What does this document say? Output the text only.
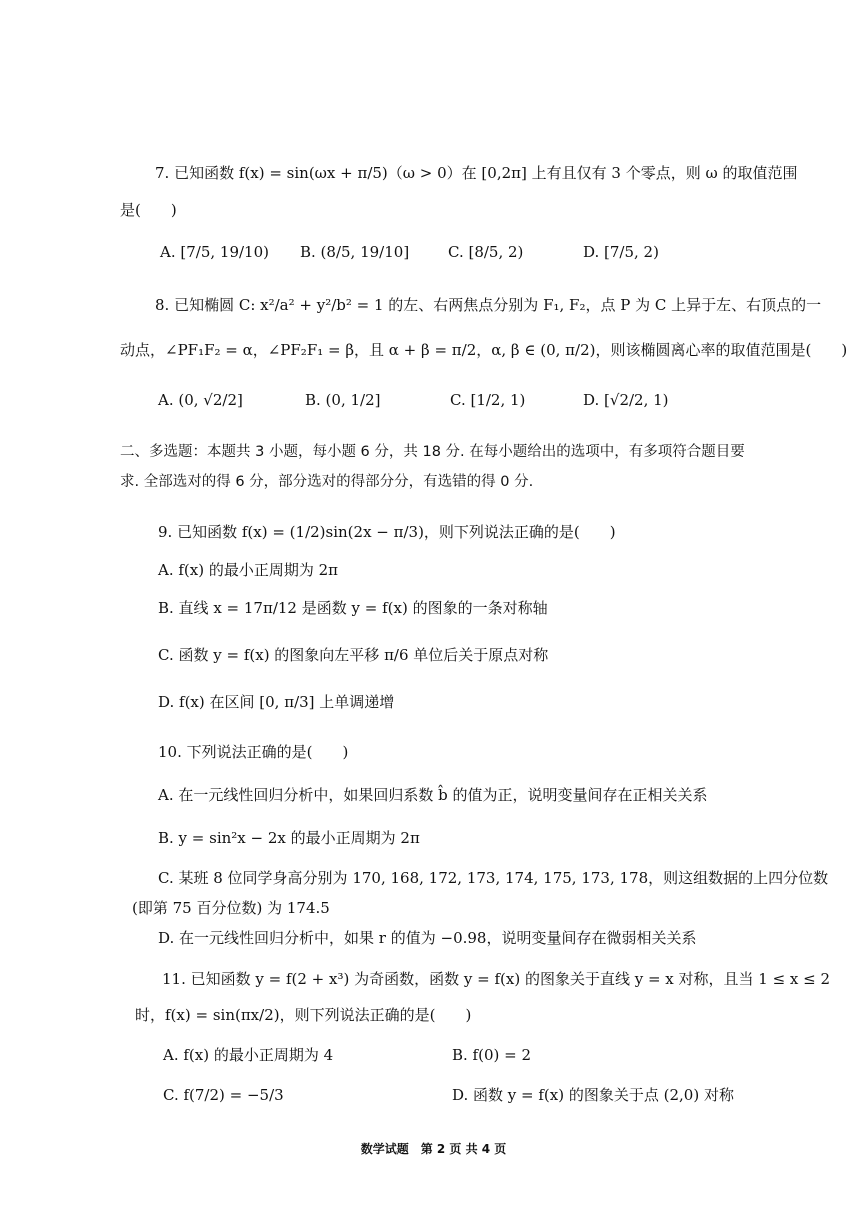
7. 已知函数 f(x) = sin(ωx + π/5)（ω > 0）在 [0,2π] 上有且仅有 3 个零点，则 ω 的取值范围
是(　　)
A. [7/5, 19/10) B. (8/5, 19/10]	C. [8/5, 2)	D. [7/5, 2)
8. 已知椭圆 C: x²/a² + y²/b² = 1 的左、右两焦点分别为 F₁, F₂，点 P 为 C 上异于左、右顶点的一
动点，∠PF₁F₂ = α，∠PF₂F₁ = β，且 α + β = π/2，α, β ∈ (0, π/2)，则该椭圆离心率的取值范围是(　　)
A. (0, √2/2]	B. (0, 1/2]	C. [1/2, 1)	D. [√2/2, 1)
二、多选题：本题共 3 小题，每小题 6 分，共 18 分. 在每小题给出的选项中，有多项符合题目要
求. 全部选对的得 6 分，部分选对的得部分分，有选错的得 0 分.
9. 已知函数 f(x) = (1/2)sin(2x − π/3)，则下列说法正确的是(　　)
A. f(x) 的最小正周期为 2π
B. 直线 x = 17π/12 是函数 y = f(x) 的图象的一条对称轴
C. 函数 y = f(x) 的图象向左平移 π/6 单位后关于原点对称
D. f(x) 在区间 [0, π/3] 上单调递增
10. 下列说法正确的是(　　)
A. 在一元线性回归分析中，如果回归系数 b̂ 的值为正，说明变量间存在正相关关系
B. y = sin²x − 2x 的最小正周期为 2π
C. 某班 8 位同学身高分别为 170, 168, 172, 173, 174, 175, 173, 178，则这组数据的上四分位数
(即第 75 百分位数) 为 174.5
D. 在一元线性回归分析中，如果 r 的值为 −0.98，说明变量间存在微弱相关关系
11. 已知函数 y = f(2 + x³) 为奇函数，函数 y = f(x) 的图象关于直线 y = x 对称，且当 1 ≤ x ≤ 2
时，f(x) = sin(πx/2)，则下列说法正确的是(　　)
A. f(x) 的最小正周期为 4	B. f(0) = 2
C. f(7/2) = −5/3	D. 函数 y = f(x) 的图象关于点 (2,0) 对称
数学试题　第 2 页 共 4 页
